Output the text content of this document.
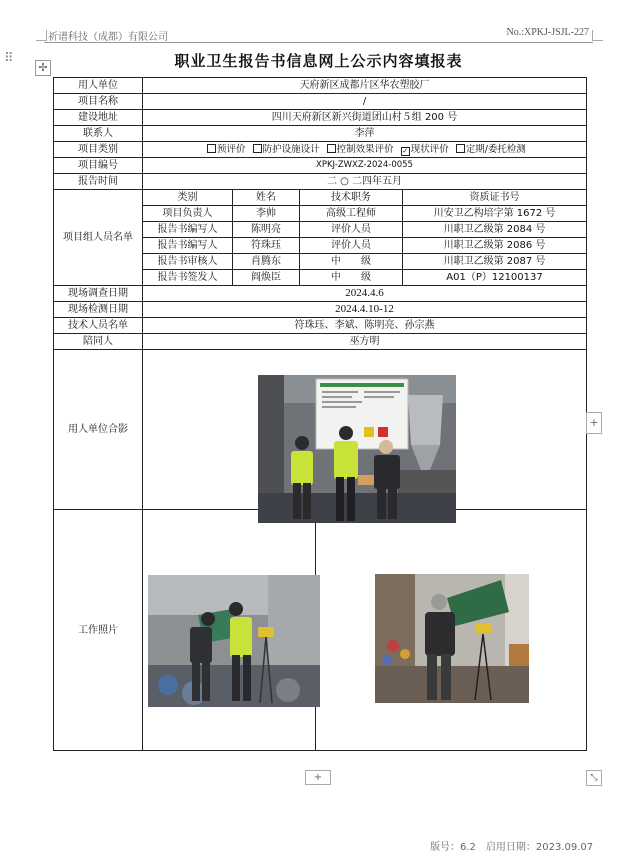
祈谱科技（成都）有限公司	No.:XPKJ-JSJL-227
⠿
✢	职业卫生报告书信息网上公示内容填报表
用人单位	天府新区成都片区华农塑胶厂				
项目名称	/				
建设地址	四川天府新区新兴街道团山村５组 200 号				
联系人	李萍				
项目类别	预评价 防护设施设计 控制效果评价 ✓ 现状评价 定期/委托检测				
项目编号	XPKJ-ZWXZ-2024-0055				
报告时间	二 ○ 二四年五月				
项目组人员名单	类别	姓名	技术职务		资质证书号
	项目负责人	李帅	高级工程师		川安卫乙构培字第 1672 号
	报告书编写人	陈明亮	评价人员		川职卫乙级第 2084 号
	报告书编写人	符珠珏	评价人员		川职卫乙级第 2086 号
	报告书审核人	肖腾东	中　　级		川职卫乙级第 2087 号
	报告书签发人	阎焕臣	中　　级		A01（P）12100137
现场调查日期	2024.4.6				
现场检测日期	2024.4.10-12				
技术人员名单	符珠珏、李斌、陈明亮、孙宗燕				
陪同人	巫方明				
用人单位合影					
工作照片					
+
+	⤡
版号：6.2　启用日期：2023.09.07
